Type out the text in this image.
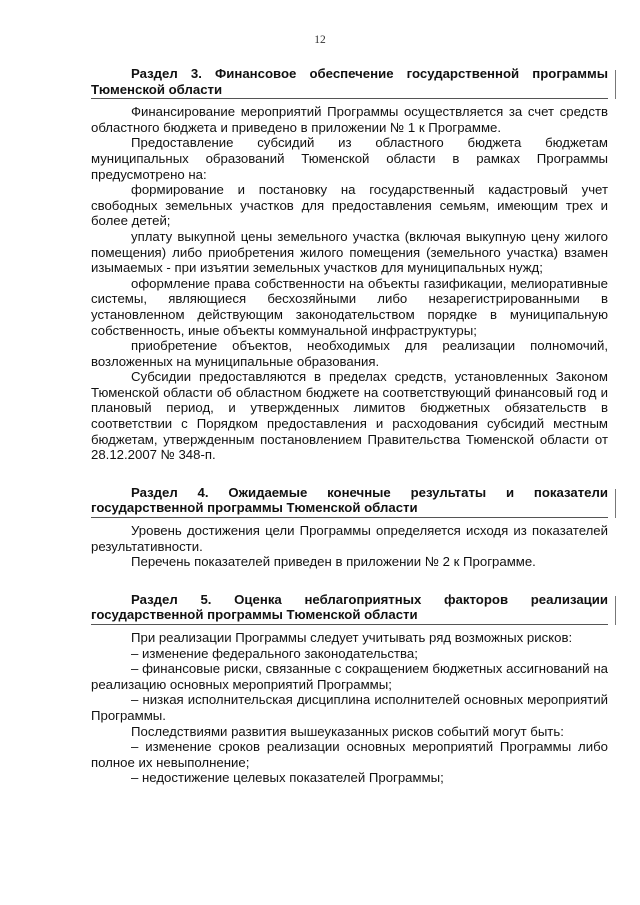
12
Раздел 3. Финансовое обеспечение государственной программы
Тюменской области

Финансирование мероприятий Программы осуществляется за счет средств областного бюджета и приведено в приложении № 1 к Программе.

Предоставление субсидий из областного бюджета бюджетам муниципальных образований Тюменской области в рамках Программы предусмотрено на:

формирование и постановку на государственный кадастровый учет свободных земельных участков для предоставления семьям, имеющим трех и более детей;

уплату выкупной цены земельного участка (включая выкупную цену жилого помещения) либо приобретения жилого помещения (земельного участка) взамен изымаемых - при изъятии земельных участков для муниципальных нужд;

оформление права собственности на объекты газификации, мелиоративные системы, являющиеся бесхозяйными либо незарегистрированными в установленном действующим законодательством порядке в муниципальную собственность, иные объекты коммунальной инфраструктуры;

приобретение объектов, необходимых для реализации полномочий, возложенных на муниципальные образования.

Субсидии предоставляются в пределах средств, установленных Законом Тюменской области об областном бюджете на соответствующий финансовый год и плановый период, и утвержденных лимитов бюджетных обязательств в соответствии с Порядком предоставления и расходования субсидий местным бюджетам, утвержденным постановлением Правительства Тюменской области от 28.12.2007 № 348-п.

Раздел 4. Ожидаемые конечные результаты и показатели
государственной программы Тюменской области

Уровень достижения цели Программы определяется исходя из показателей результативности.

Перечень показателей приведен в приложении № 2 к Программе.

Раздел 5. Оценка неблагоприятных факторов реализации
государственной программы Тюменской области

При реализации Программы следует учитывать ряд возможных рисков:

– изменение федерального законодательства;

– финансовые риски, связанные с сокращением бюджетных ассигнований на реализацию основных мероприятий Программы;

– низкая исполнительская дисциплина исполнителей основных мероприятий Программы.

Последствиями развития вышеуказанных рисков событий могут быть:

– изменение сроков реализации основных мероприятий Программы либо полное их невыполнение;

– недостижение целевых показателей Программы;
